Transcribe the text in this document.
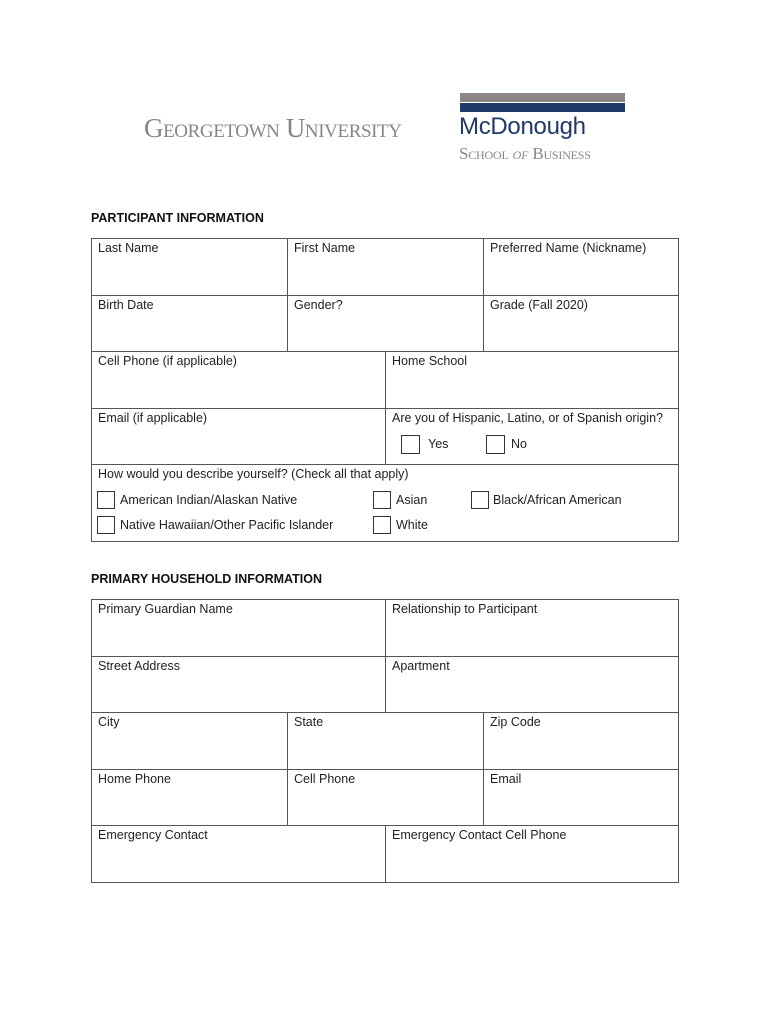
Georgetown University McDonough
School of Business
PARTICIPANT INFORMATION
Last Name	First Name	Preferred Name (Nickname)
Birth Date	Gender?	Grade (Fall 2020)
Cell Phone (if applicable)	Home School
Email (if applicable)	Are you of Hispanic, Latino, or of Spanish origin?
Yes	No
How would you describe yourself? (Check all that apply)
American Indian/Alaskan Native	Asian	Black/African American
Native Hawaiian/Other Pacific Islander	White
PRIMARY HOUSEHOLD INFORMATION
Primary Guardian Name	Relationship to Participant
Street Address	Apartment
City	State	Zip Code
Home Phone	Cell Phone	Email
Emergency Contact	Emergency Contact Cell Phone
